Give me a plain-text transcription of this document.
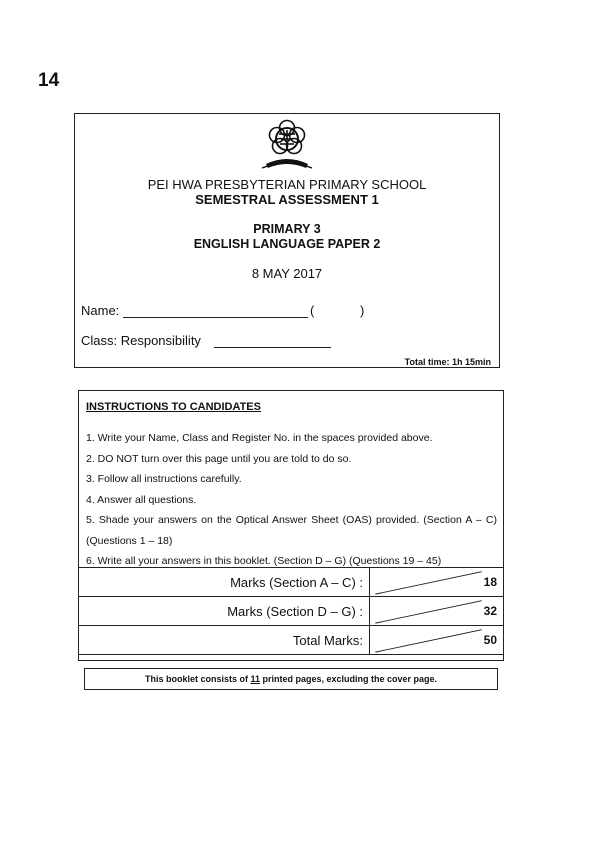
14
PEI HWA PRESBYTERIAN PRIMARY SCHOOL
SEMESTRAL ASSESSMENT 1
PRIMARY 3
ENGLISH LANGUAGE PAPER 2
8 MAY 2017
Name:	(	)
Class: Responsibility
Total time: 1h 15min
INSTRUCTIONS TO CANDIDATES
1. Write your Name, Class and Register No. in the spaces provided above.
2. DO NOT turn over this page until you are told to do so.
3. Follow all instructions carefully.
4. Answer all questions.
5. Shade your answers on the Optical Answer Sheet (OAS) provided. (Section A – C) (Questions 1 – 18)
6. Write all your answers in this booklet. (Section D – G) (Questions 19 – 45)
Marks (Section A – C) :	18
Marks (Section D – G) :	32
Total Marks:	50
This booklet consists of 11 printed pages, excluding the cover page.
